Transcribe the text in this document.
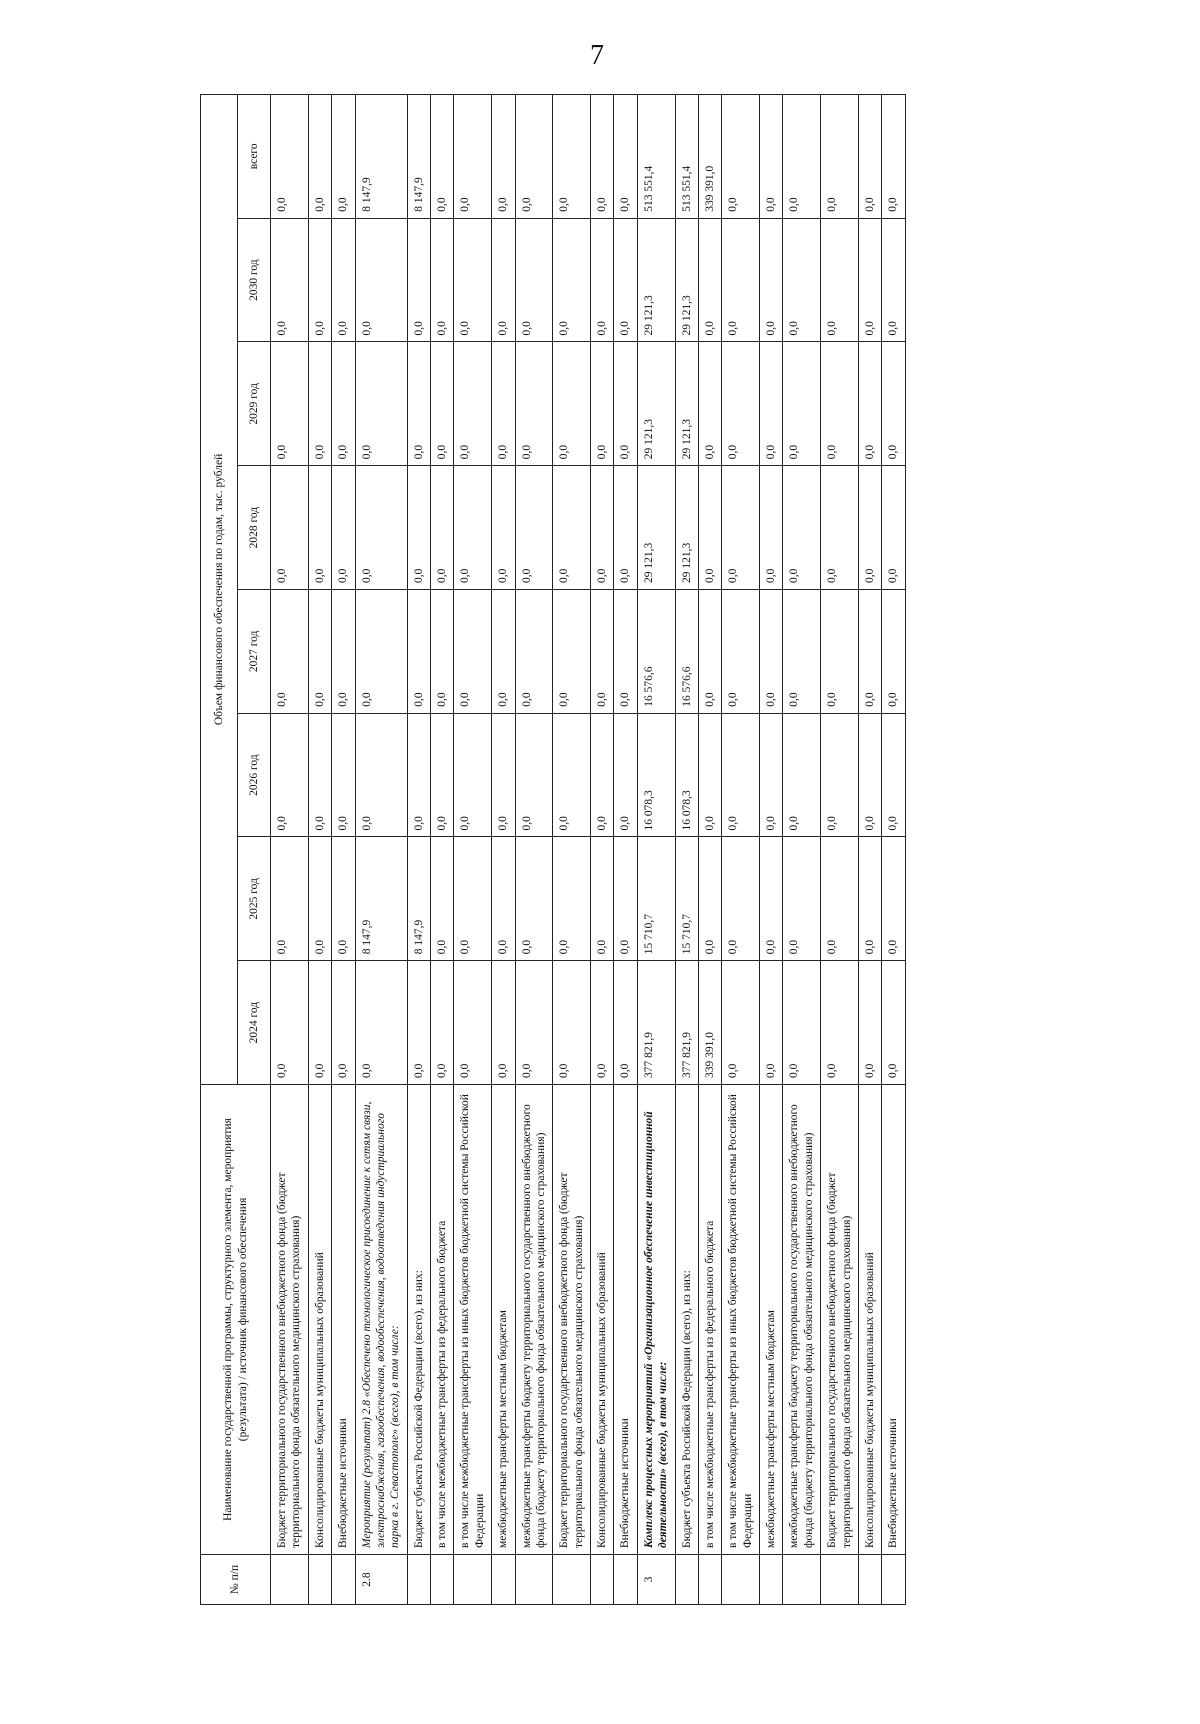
7
№ п/п	Наименование государственной программы, структурного элемента, мероприятия (результата) / источник финансового обеспечения	Объем финансового обеспечения по годам, тыс. рублей							
		2024 год	2025 год	2026 год	2027 год	2028 год	2029 год	2030 год	всего
	Бюджет территориального государственного внебюджетного фонда (бюджет территориального фонда обязательного медицинского страхования)	0,0	0,0	0,0	0,0	0,0	0,0	0,0	0,0
	Консолидированные бюджеты муниципальных образований	0,0	0,0	0,0	0,0	0,0	0,0	0,0	0,0
	Внебюджетные источники	0,0	0,0	0,0	0,0	0,0	0,0	0,0	0,0
2.8	Мероприятие (результат) 2.8 «Обеспечено технологическое присоединение к сетям связи, электроснабжения, газообеспечения, водообеспечения, водоотведения индустриального парка в г. Севастополе» (всего), в том числе:	0,0	8 147,9	0,0	0,0	0,0	0,0	0,0	8 147,9
	Бюджет субъекта Российской Федерации (всего), из них:	0,0	8 147,9	0,0	0,0	0,0	0,0	0,0	8 147,9
	в том числе межбюджетные трансферты из федерального бюджета	0,0	0,0	0,0	0,0	0,0	0,0	0,0	0,0
	в том числе межбюджетные трансферты из иных бюджетов бюджетной системы Российской Федерации	0,0	0,0	0,0	0,0	0,0	0,0	0,0	0,0
	межбюджетные трансферты местным бюджетам	0,0	0,0	0,0	0,0	0,0	0,0	0,0	0,0
	межбюджетные трансферты бюджету территориального государственного внебюджетного фонда (бюджету территориального фонда обязательного медицинского страхования)	0,0	0,0	0,0	0,0	0,0	0,0	0,0	0,0
	Бюджет территориального государственного внебюджетного фонда (бюджет территориального фонда обязательного медицинского страхования)	0,0	0,0	0,0	0,0	0,0	0,0	0,0	0,0
	Консолидированные бюджеты муниципальных образований	0,0	0,0	0,0	0,0	0,0	0,0	0,0	0,0
	Внебюджетные источники	0,0	0,0	0,0	0,0	0,0	0,0	0,0	0,0
3	Комплекс процессных мероприятий «Организационное обеспечение инвестиционной деятельности» (всего), в том числе:	377 821,9	15 710,7	16 078,3	16 576,6	29 121,3	29 121,3	29 121,3	513 551,4
	Бюджет субъекта Российской Федерации (всего), из них:	377 821,9	15 710,7	16 078,3	16 576,6	29 121,3	29 121,3	29 121,3	513 551,4
	в том числе межбюджетные трансферты из федерального бюджета	339 391,0	0,0	0,0	0,0	0,0	0,0	0,0	339 391,0
	в том числе межбюджетные трансферты из иных бюджетов бюджетной системы Российской Федерации	0,0	0,0	0,0	0,0	0,0	0,0	0,0	0,0
	межбюджетные трансферты местным бюджетам	0,0	0,0	0,0	0,0	0,0	0,0	0,0	0,0
	межбюджетные трансферты бюджету территориального государственного внебюджетного фонда (бюджету территориального фонда обязательного медицинского страхования)	0,0	0,0	0,0	0,0	0,0	0,0	0,0	0,0
	Бюджет территориального государственного внебюджетного фонда (бюджет территориального фонда обязательного медицинского страхования)	0,0	0,0	0,0	0,0	0,0	0,0	0,0	0,0
	Консолидированные бюджеты муниципальных образований	0,0	0,0	0,0	0,0	0,0	0,0	0,0	0,0
	Внебюджетные источники	0,0	0,0	0,0	0,0	0,0	0,0	0,0	0,0
